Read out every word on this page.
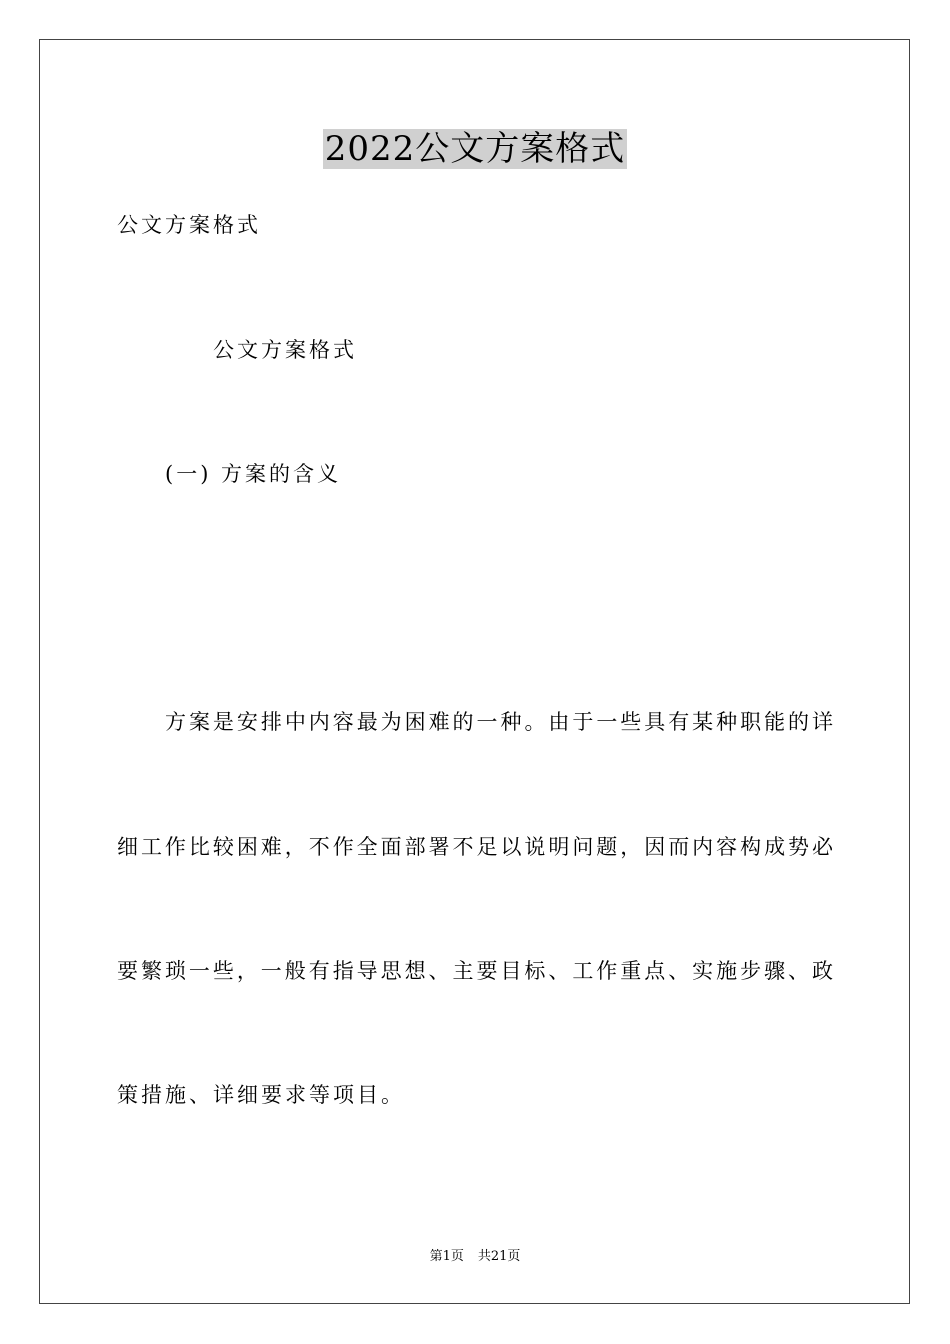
2022公文方案格式
公文方案格式
公文方案格式
(一) 方案的含义
方案是安排中内容最为困难的一种。由于一些具有某种职能的详
细工作比较困难，不作全面部署不足以说明问题，因而内容构成势必
要繁琐一些，一般有指导思想、主要目标、工作重点、实施步骤、政
策措施、详细要求等项目。
第1页 共21页
